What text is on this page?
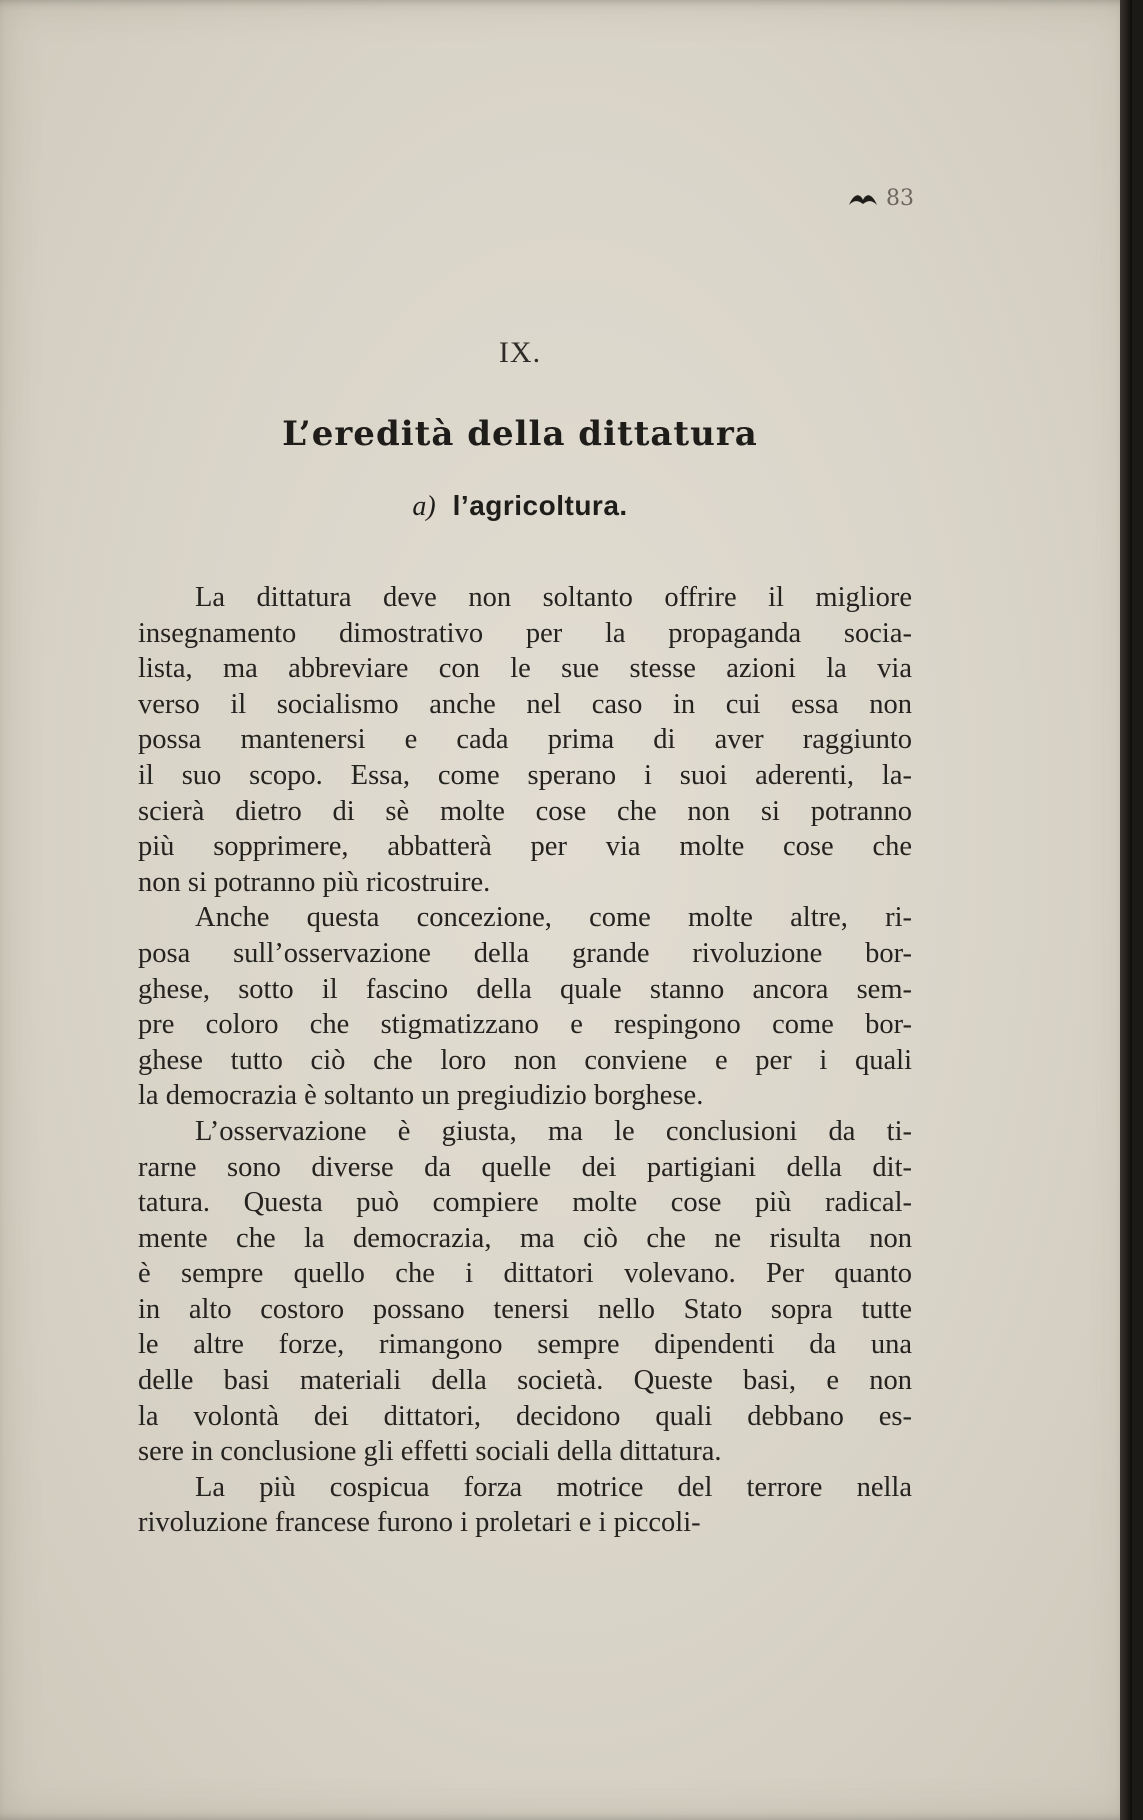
83
IX.
L’eredità della dittatura
a) l’agricoltura.
La dittatura deve non soltanto offrire il migliore
insegnamento dimostrativo per la propaganda socia-
lista, ma abbreviare con le sue stesse azioni la via
verso il socialismo anche nel caso in cui essa non
possa mantenersi e cada prima di aver raggiunto
il suo scopo. Essa, come sperano i suoi aderenti, la-
scierà dietro di sè molte cose che non si potranno
più sopprimere, abbatterà per via molte cose che
non si potranno più ricostruire.
Anche questa concezione, come molte altre, ri-
posa sull’osservazione della grande rivoluzione bor-
ghese, sotto il fascino della quale stanno ancora sem-
pre coloro che stigmatizzano e respingono come bor-
ghese tutto ciò che loro non conviene e per i quali
la democrazia è soltanto un pregiudizio borghese.
L’osservazione è giusta, ma le conclusioni da ti-
rarne sono diverse da quelle dei partigiani della dit-
tatura. Questa può compiere molte cose più radical-
mente che la democrazia, ma ciò che ne risulta non
è sempre quello che i dittatori volevano. Per quanto
in alto costoro possano tenersi nello Stato sopra tutte
le altre forze, rimangono sempre dipendenti da una
delle basi materiali della società. Queste basi, e non
la volontà dei dittatori, decidono quali debbano es-
sere in conclusione gli effetti sociali della dittatura.
La più cospicua forza motrice del terrore nella
rivoluzione francese furono i proletari e i piccoli-
